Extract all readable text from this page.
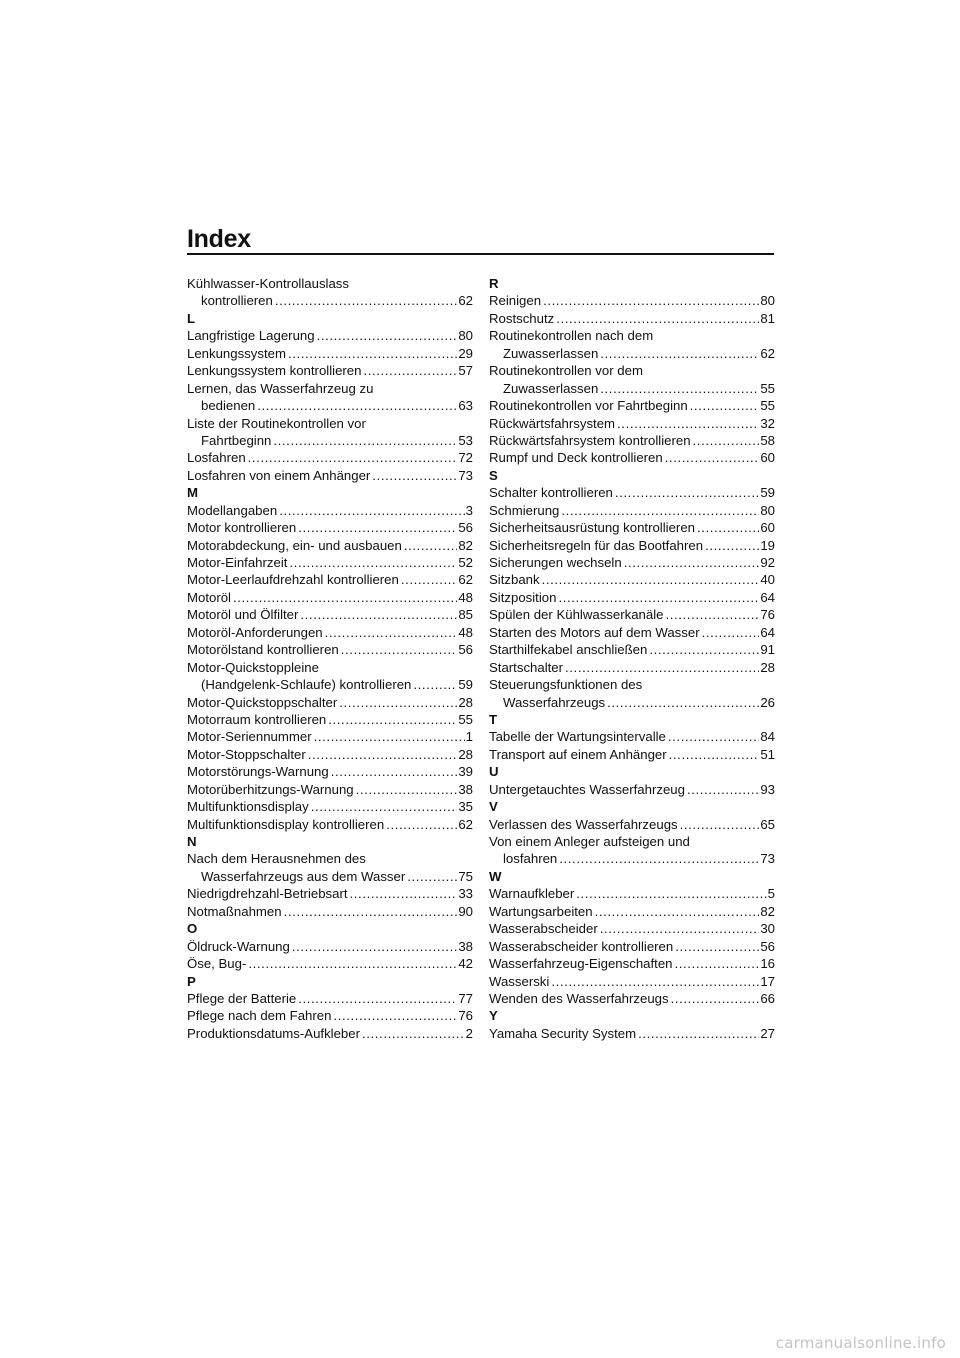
Index
Kühlwasser-Kontrollauslass
kontrollieren .....	62
L
Langfristige Lagerung .....	80
Lenkungssystem .....	29
Lenkungssystem kontrollieren .....	57
Lernen, das Wasserfahrzeug zu
bedienen .....	63
Liste der Routinekontrollen vor
Fahrtbeginn .....	53
Losfahren .....	72
Losfahren von einem Anhänger .....	73
M
Modellangaben .....	3
Motor kontrollieren .....	56
Motorabdeckung, ein- und ausbauen .....	82
Motor-Einfahrzeit .....	52
Motor-Leerlaufdrehzahl kontrollieren .....	62
Motoröl .....	48
Motoröl und Ölfilter .....	85
Motoröl-Anforderungen .....	48
Motorölstand kontrollieren .....	56
Motor-Quickstoppleine
(Handgelenk-Schlaufe) kontrollieren .....	59
Motor-Quickstoppschalter .....	28
Motorraum kontrollieren .....	55
Motor-Seriennummer .....	1
Motor-Stoppschalter .....	28
Motorstörungs-Warnung .....	39
Motorüberhitzungs-Warnung .....	38
Multifunktionsdisplay .....	35
Multifunktionsdisplay kontrollieren .....	62
N
Nach dem Herausnehmen des
Wasserfahrzeugs aus dem Wasser .....	75
Niedrigdrehzahl-Betriebsart .....	33
Notmaßnahmen .....	90
O
Öldruck-Warnung .....	38
Öse, Bug- .....	42
P
Pflege der Batterie .....	77
Pflege nach dem Fahren .....	76
Produktionsdatums-Aufkleber .....	2
R
Reinigen .....	80
Rostschutz .....	81
Routinekontrollen nach dem
Zuwasserlassen .....	62
Routinekontrollen vor dem
Zuwasserlassen .....	55
Routinekontrollen vor Fahrtbeginn .....	55
Rückwärtsfahrsystem .....	32
Rückwärtsfahrsystem kontrollieren .....	58
Rumpf und Deck kontrollieren .....	60
S
Schalter kontrollieren .....	59
Schmierung .....	80
Sicherheitsausrüstung kontrollieren .....	60
Sicherheitsregeln für das Bootfahren .....	19
Sicherungen wechseln .....	92
Sitzbank .....	40
Sitzposition .....	64
Spülen der Kühlwasserkanäle .....	76
Starten des Motors auf dem Wasser .....	64
Starthilfekabel anschließen .....	91
Startschalter .....	28
Steuerungsfunktionen des
Wasserfahrzeugs .....	26
T
Tabelle der Wartungsintervalle .....	84
Transport auf einem Anhänger .....	51
U
Untergetauchtes Wasserfahrzeug .....	93
V
Verlassen des Wasserfahrzeugs .....	65
Von einem Anleger aufsteigen und
losfahren .....	73
W
Warnaufkleber .....	5
Wartungsarbeiten .....	82
Wasserabscheider .....	30
Wasserabscheider kontrollieren .....	56
Wasserfahrzeug-Eigenschaften .....	16
Wasserski .....	17
Wenden des Wasserfahrzeugs .....	66
Y
Yamaha Security System .....	27
carmanualsonline.info
